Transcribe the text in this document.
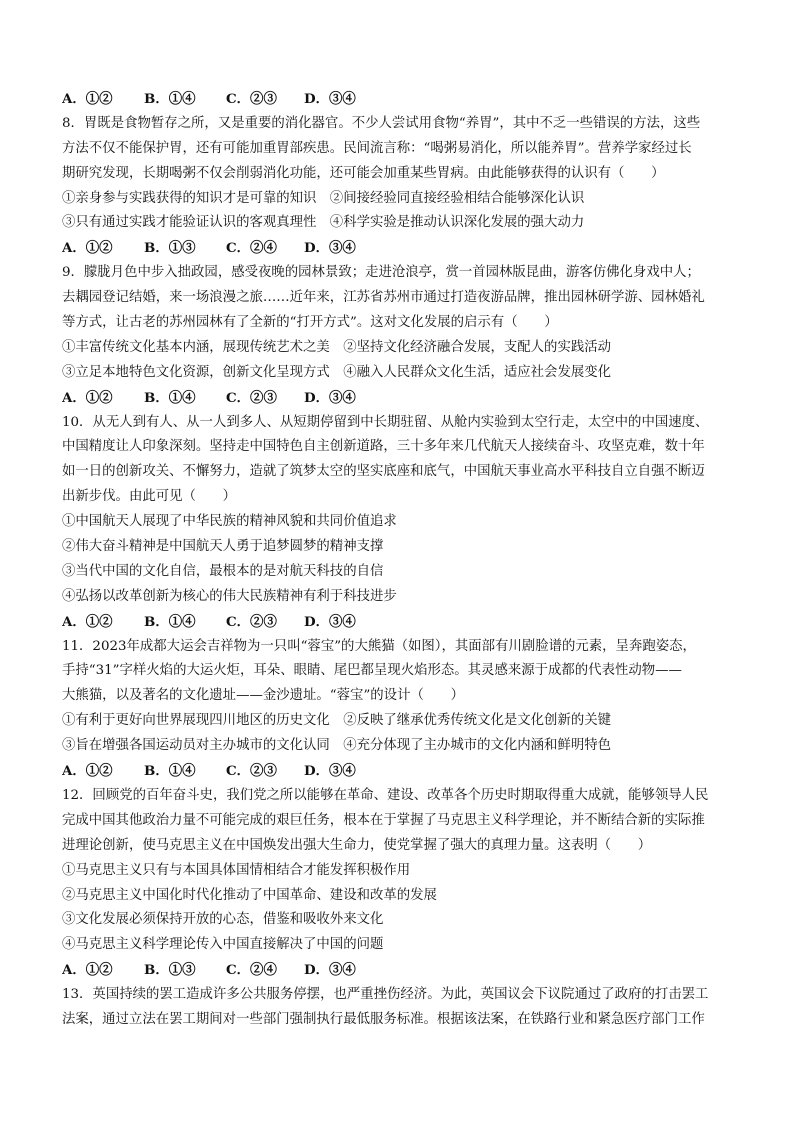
A．①② B．①④ C．②③ D．③④
8．胃既是食物暂存之所，又是重要的消化器官。不少人尝试用食物“养胃”，其中不乏一些错误的方法，这些
方法不仅不能保护胃，还有可能加重胃部疾患。民间流言称：“喝粥易消化，所以能养胃”。营养学家经过长
期研究发现，长期喝粥不仅会削弱消化功能，还可能会加重某些胃病。由此能够获得的认识有（　　）
①亲身参与实践获得的知识才是可靠的知识　②间接经验同直接经验相结合能够深化认识
③只有通过实践才能验证认识的客观真理性　④科学实验是推动认识深化发展的强大动力
A．①② B．①③ C．②④ D．③④
9．朦胧月色中步入拙政园，感受夜晚的园林景致；走进沧浪亭，赏一首园林版昆曲，游客仿佛化身戏中人；
去耦园登记结婚，来一场浪漫之旅……近年来，江苏省苏州市通过打造夜游品牌，推出园林研学游、园林婚礼
等方式，让古老的苏州园林有了全新的“打开方式”。这对文化发展的启示有（　　）
①丰富传统文化基本内涵，展现传统艺术之美　②坚持文化经济融合发展，支配人的实践活动
③立足本地特色文化资源，创新文化呈现方式　④融入人民群众文化生活，适应社会发展变化
A．①② B．①④ C．②③ D．③④
10．从无人到有人、从一人到多人、从短期停留到中长期驻留、从舱内实验到太空行走，太空中的中国速度、
中国精度让人印象深刻。坚持走中国特色自主创新道路，三十多年来几代航天人接续奋斗、攻坚克难，数十年
如一日的创新攻关、不懈努力，造就了筑梦太空的坚实底座和底气，中国航天事业高水平科技自立自强不断迈
出新步伐。由此可见（　　）
①中国航天人展现了中华民族的精神风貌和共同价值追求
②伟大奋斗精神是中国航天人勇于追梦圆梦的精神支撑
③当代中国的文化自信，最根本的是对航天科技的自信
④弘扬以改革创新为核心的伟大民族精神有利于科技进步
A．①② B．①④ C．②③ D．③④
11．2023年成都大运会吉祥物为一只叫“蓉宝”的大熊猫（如图），其面部有川剧脸谱的元素，呈奔跑姿态，
手持“31”字样火焰的大运火炬，耳朵、眼睛、尾巴都呈现火焰形态。其灵感来源于成都的代表性动物——
大熊猫，以及著名的文化遗址——金沙遗址。“蓉宝”的设计（　　）
①有利于更好向世界展现四川地区的历史文化　②反映了继承优秀传统文化是文化创新的关键
③旨在增强各国运动员对主办城市的文化认同　④充分体现了主办城市的文化内涵和鲜明特色
A．①② B．①④ C．②③ D．③④
12．回顾党的百年奋斗史，我们党之所以能够在革命、建设、改革各个历史时期取得重大成就，能够领导人民
完成中国其他政治力量不可能完成的艰巨任务，根本在于掌握了马克思主义科学理论，并不断结合新的实际推
进理论创新，使马克思主义在中国焕发出强大生命力，使党掌握了强大的真理力量。这表明（　　）
①马克思主义只有与本国具体国情相结合才能发挥积极作用
②马克思主义中国化时代化推动了中国革命、建设和改革的发展
③文化发展必须保持开放的心态，借鉴和吸收外来文化
④马克思主义科学理论传入中国直接解决了中国的问题
A．①② B．①③ C．②④ D．③④
13．英国持续的罢工造成许多公共服务停摆，也严重挫伤经济。为此，英国议会下议院通过了政府的打击罢工
法案，通过立法在罢工期间对一些部门强制执行最低服务标准。根据该法案，在铁路行业和紧急医疗部门工作
